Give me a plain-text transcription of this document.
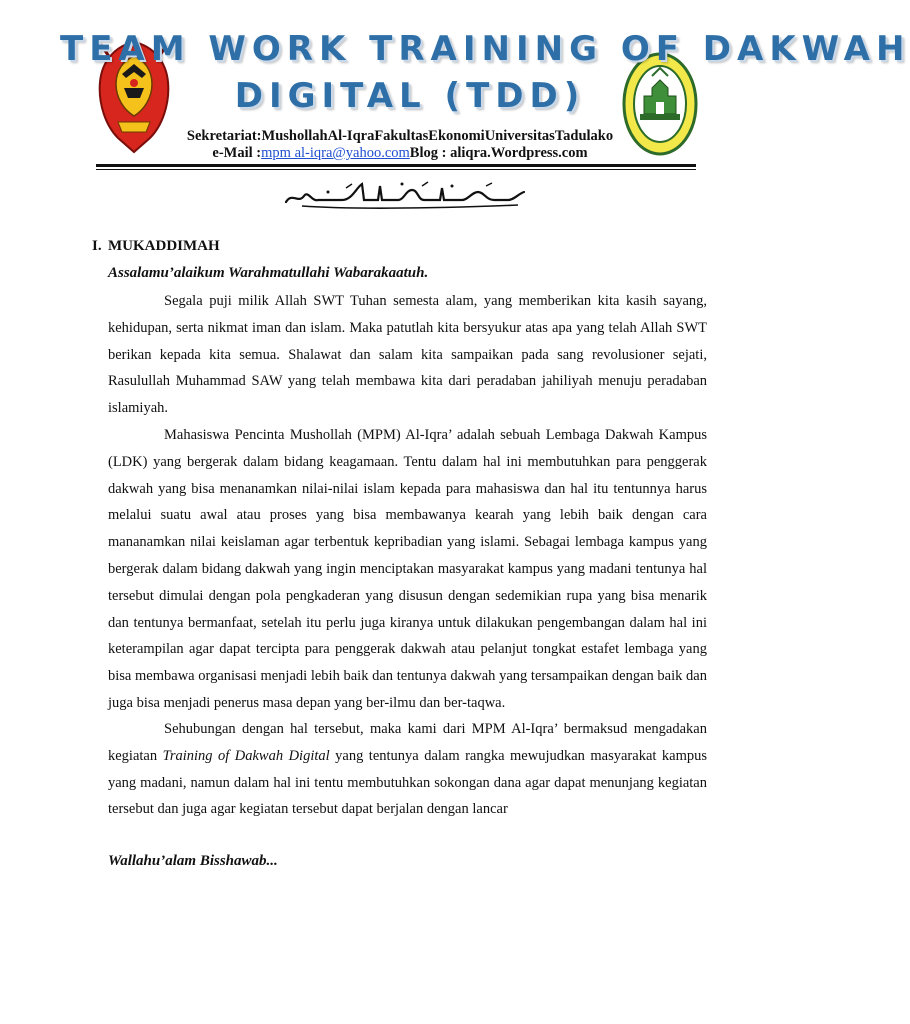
TEAM WORK TRAINING OF DAKWAH
DIGITAL (TDD)
Sekretariat:MushollahAl-IqraFakultasEkonomiUniversitasTadulako
e-Mail :mpm al-iqra@yahoo.comBlog : aliqra.Wordpress.com
I. MUKADDIMAH
Assalamu’alaikum Warahmatullahi Wabarakaatuh.

Segala puji milik Allah SWT Tuhan semesta alam, yang memberikan kita kasih sayang, kehidupan, serta nikmat iman dan islam. Maka patutlah kita bersyukur atas apa yang telah Allah SWT berikan kepada kita semua. Shalawat dan salam kita sampaikan pada sang revolusioner sejati, Rasulullah Muhammad SAW yang telah membawa kita dari peradaban jahiliyah menuju peradaban islamiyah.

Mahasiswa Pencinta Mushollah (MPM) Al-Iqra’ adalah sebuah Lembaga Dakwah Kampus (LDK) yang bergerak dalam bidang keagamaan. Tentu dalam hal ini membutuhkan para penggerak dakwah yang bisa menanamkan nilai-nilai islam kepada para mahasiswa dan hal itu tentunnya harus melalui suatu awal atau proses yang bisa membawanya kearah yang lebih baik dengan cara mananamkan nilai keislaman agar terbentuk kepribadian yang islami. Sebagai lembaga kampus yang bergerak dalam bidang dakwah yang ingin menciptakan masyarakat kampus yang madani tentunya hal tersebut dimulai dengan pola pengkaderan yang disusun dengan sedemikian rupa yang bisa menarik dan tentunya bermanfaat, setelah itu perlu juga kiranya untuk dilakukan pengembangan dalam hal ini keterampilan agar dapat tercipta para penggerak dakwah atau pelanjut tongkat estafet lembaga yang bisa membawa organisasi menjadi lebih baik dan tentunya dakwah yang tersampaikan dengan baik dan juga bisa menjadi penerus masa depan yang ber-ilmu dan ber-taqwa.

Sehubungan dengan hal tersebut, maka kami dari MPM Al-Iqra’ bermaksud mengadakan kegiatan Training of Dakwah Digital yang tentunya dalam rangka mewujudkan masyarakat kampus yang madani, namun dalam hal ini tentu membutuhkan sokongan dana agar dapat menunjang kegiatan tersebut dan juga agar kegiatan tersebut dapat berjalan dengan lancar

Wallahu’alam Bisshawab...
